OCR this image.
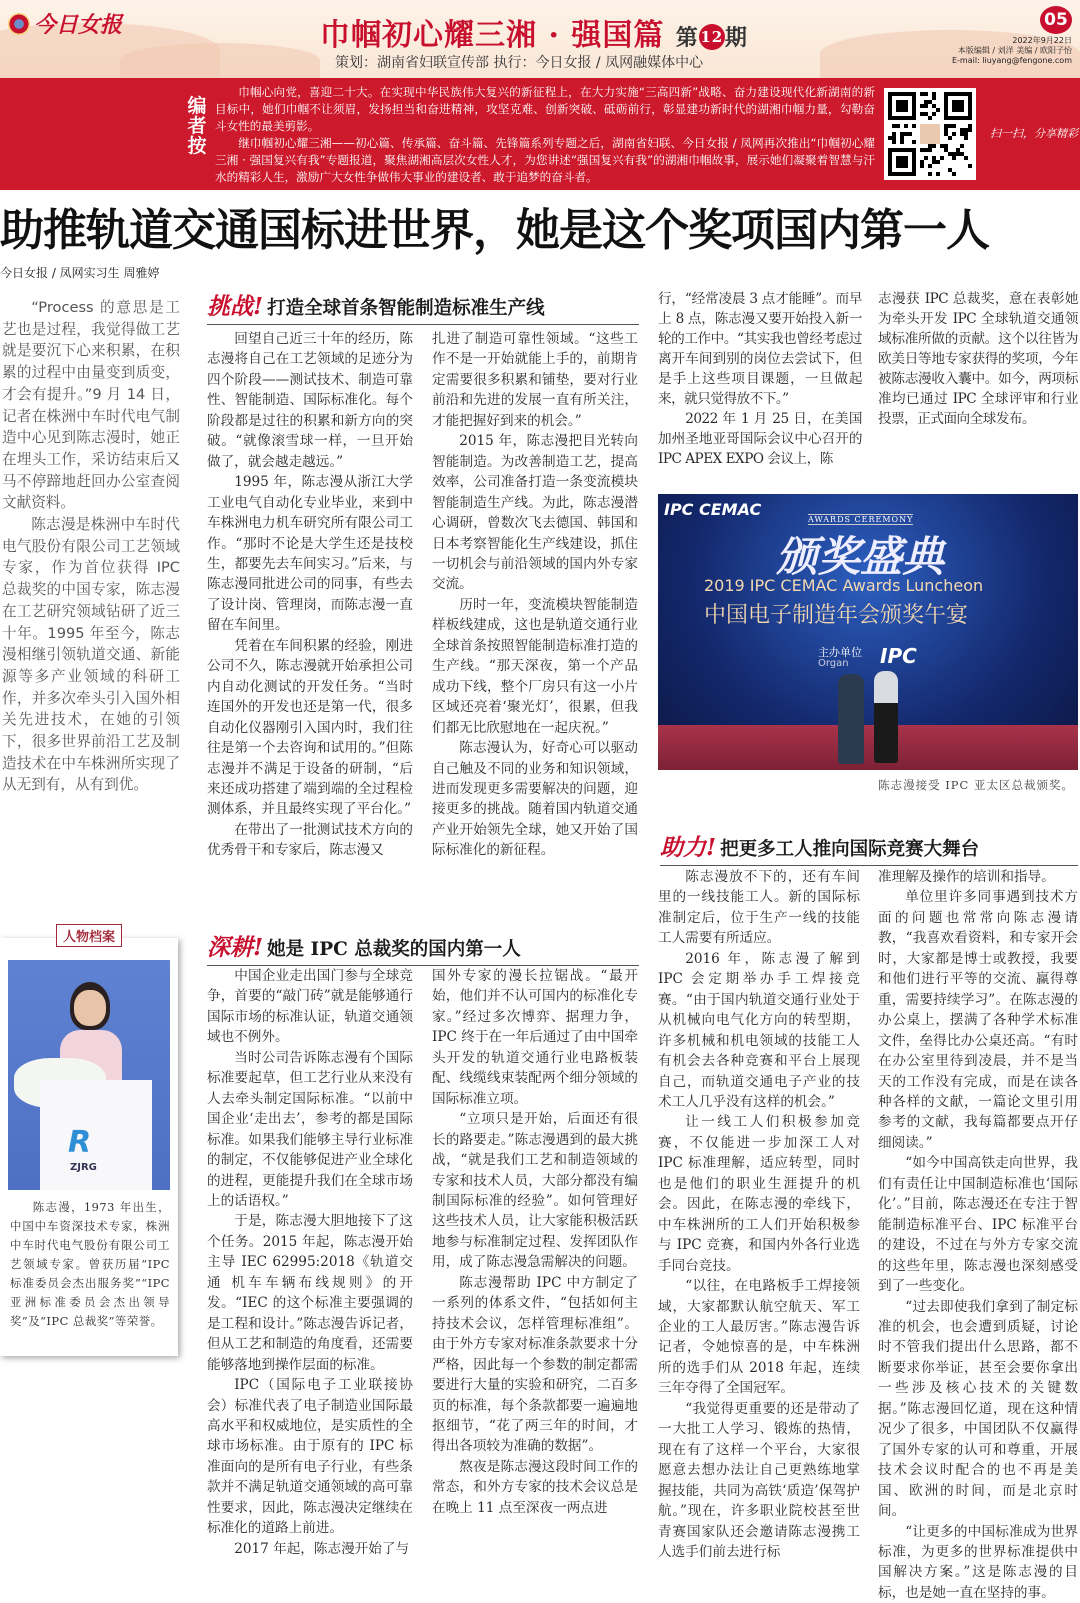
今日女报	巾帼初心耀三湘 · 强国篇 第 12期
策划：湖南省妇联宣传部 执行：今日女报 / 凤网融媒体中心
05
2022年9月22日
本版编辑 / 刘洋 美编 / 欧阳子怡
E-mail: liuyang@fengone.com
编者按

巾帼心向党，喜迎二十大。在实现中华民族伟大复兴的新征程上，在大力实施“三高四新”战略、奋力建设现代化新湖南的新目标中，她们巾帼不让须眉，发扬担当和奋进精神，攻坚克难、创新突破、砥砺前行，彰显建功新时代的湖湘巾帼力量，勾勒奋斗女性的最美剪影。

继巾帼初心耀三湘——初心篇、传承篇、奋斗篇、先锋篇系列专题之后，湖南省妇联、今日女报 / 凤网再次推出“巾帼初心耀三湘 · 强国复兴有我”专题报道，聚焦湖湘高层次女性人才，为您讲述“强国复兴有我”的湖湘巾帼故事，展示她们凝聚着智慧与汗水的精彩人生，激励广大女性争做伟大事业的建设者、敢于追梦的奋斗者。

扫一扫，分享精彩
助推轨道交通国标进世界，她是这个奖项国内第一人
今日女报 / 凤网实习生 周雅婷

“Process 的意思是工艺也是过程，我觉得做工艺就是要沉下心来积累，在积累的过程中由量变到质变，才会有提升。”9 月 14 日，记者在株洲中车时代电气制造中心见到陈志漫时，她正在埋头工作，采访结束后又马不停蹄地赶回办公室查阅文献资料。

陈志漫是株洲中车时代电气股份有限公司工艺领域专家，作为首位获得 IPC 总裁奖的中国专家，陈志漫在工艺研究领域钻研了近三十年。1995 年至今，陈志漫相继引领轨道交通、新能源等多产业领域的科研工作，并多次牵头引入国外相关先进技术，在她的引领下，很多世界前沿工艺及制造技术在中车株洲所实现了从无到有，从有到优。

挑战! 打造全球首条智能制造标准生产线

回望自己近三十年的经历，陈志漫将自己在工艺领域的足迹分为四个阶段——测试技术、制造可靠性、智能制造、国际标准化。每个阶段都是过往的积累和新方向的突破。“就像滚雪球一样，一旦开始做了，就会越走越远。”

1995 年，陈志漫从浙江大学工业电气自动化专业毕业，来到中车株洲电力机车研究所有限公司工作。“那时不论是大学生还是技校生，都要先去车间实习。”后来，与陈志漫同批进公司的同事，有些去了设计岗、管理岗，而陈志漫一直留在车间里。

凭着在车间积累的经验，刚进公司不久，陈志漫就开始承担公司内自动化测试的开发任务。“当时连国外的开发也还是第一代，很多自动化仪器刚引入国内时，我们往往是第一个去咨询和试用的。”但陈志漫并不满足于设备的研制，“后来还成功搭建了端到端的全过程检测体系，并且最终实现了平台化。”

在带出了一批测试技术方向的优秀骨干和专家后，陈志漫又

扎进了制造可靠性领域。“这些工作不是一开始就能上手的，前期肯定需要很多积累和铺垫，要对行业前沿和先进的发展一直有所关注，才能把握好到来的机会。”

2015 年，陈志漫把目光转向智能制造。为改善制造工艺，提高效率，公司准备打造一条变流模块智能制造生产线。为此，陈志漫潜心调研，曾数次飞去德国、韩国和日本考察智能化生产线建设，抓住一切机会与前沿领域的国内外专家交流。

历时一年，变流模块智能制造样板线建成，这也是轨道交通行业全球首条按照智能制造标准打造的生产线。“那天深夜，第一个产品成功下线，整个厂房只有这一小片区域还亮着‘聚光灯’，很累，但我们都无比欣慰地在一起庆祝。”

陈志漫认为，好奇心可以驱动自己触及不同的业务和知识领域，进而发现更多需要解决的问题，迎接更多的挑战。随着国内轨道交通产业开始领先全球，她又开始了国际标准化的新征程。

行，“经常凌晨 3 点才能睡”。而早上 8 点，陈志漫又要开始投入新一轮的工作中。“其实我也曾经考虑过离开车间到别的岗位去尝试下，但是手上这些项目课题，一旦做起来，就只觉得放不下。”

2022 年 1 月 25 日，在美国加州圣地亚哥国际会议中心召开的 IPC APEX EXPO 会议上，陈

志漫获 IPC 总裁奖，意在表彰她为牵头开发 IPC 全球轨道交通领域标准所做的贡献。这个以往皆为欧美日等地专家获得的奖项，今年被陈志漫收入囊中。如今，两项标准均已通过 IPC 全球评审和行业投票，正式面向全球发布。

IPC CEMAC
AWARDS CEREMONY
颁奖盛典
2019 IPC CEMAC Awards Luncheon
中国电子制造年会颁奖午宴
主办单位
Organ IPC
陈志漫接受 IPC 亚太区总裁颁奖。
助力! 把更多工人推向国际竞赛大舞台

陈志漫放不下的，还有车间里的一线技能工人。新的国际标准制定后，位于生产一线的技能工人需要有所适应。

2016 年，陈志漫了解到 IPC 会定期举办手工焊接竞赛。“由于国内轨道交通行业处于从机械向电气化方向的转型期，许多机械和机电领域的技能工人有机会去各种竞赛和平台上展现自己，而轨道交通电子产业的技术工人几乎没有这样的机会。”

让一线工人们积极参加竞赛，不仅能进一步加深工人对 IPC 标准理解，适应转型，同时也是他们的职业生涯提升的机会。因此，在陈志漫的牵线下，中车株洲所的工人们开始积极参与 IPC 竞赛，和国内外各行业选手同台竞技。

“以往，在电路板手工焊接领域，大家都默认航空航天、军工企业的工人最厉害。”陈志漫告诉记者，令她惊喜的是，中车株洲所的选手们从 2018 年起，连续三年夺得了全国冠军。

“我觉得更重要的还是带动了一大批工人学习、锻炼的热情，现在有了这样一个平台，大家很愿意去想办法让自己更熟练地掌握技能，共同为高铁‘质造’保驾护航。”现在，许多职业院校甚至世青赛国家队还会邀请陈志漫携工人选手们前去进行标

准理解及操作的培训和指导。

单位里许多同事遇到技术方面的问题也常常向陈志漫请教，“我喜欢看资料，和专家开会时，大家都是博士或教授，我要和他们进行平等的交流、赢得尊重，需要持续学习”。在陈志漫的办公桌上，摆满了各种学术标准文件，垒得比办公桌还高。“有时在办公室里待到凌晨，并不是当天的工作没有完成，而是在读各种各样的文献，一篇论文里引用参考的文献，我每篇都要点开仔细阅读。”

“如今中国高铁走向世界，我们有责任让中国制造标准也‘国际化’。”目前，陈志漫还在专注于智能制造标准平台、IPC 标准平台的建设，不过在与外方专家交流的这些年里，陈志漫也深刻感受到了一些变化。

“过去即使我们拿到了制定标准的机会，也会遭到质疑，讨论时不管我们提出什么思路，都不断要求你举证，甚至会要你拿出一些涉及核心技术的关键数据。”陈志漫回忆道，现在这种情况少了很多，中国团队不仅赢得了国外专家的认可和尊重，开展技术会议时配合的也不再是美国、欧洲的时间，而是北京时间。

“让更多的中国标准成为世界标准，为更多的世界标准提供中国解决方案。”这是陈志漫的目标，也是她一直在坚持的事。

深耕! 她是 IPC 总裁奖的国内第一人

中国企业走出国门参与全球竞争，首要的“敲门砖”就是能够通行国际市场的标准认证，轨道交通领域也不例外。

当时公司告诉陈志漫有个国际标准要起草，但工艺行业从来没有人去牵头制定国际标准。“以前中国企业‘走出去’，参考的都是国际标准。如果我们能够主导行业标准的制定，不仅能够促进产业全球化的进程，更能提升我们在全球市场上的话语权。”

于是，陈志漫大胆地接下了这个任务。2015 年起，陈志漫开始主导 IEC 62995:2018《轨道交通 机车车辆布线规则》的开发。“IEC 的这个标准主要强调的是工程和设计。”陈志漫告诉记者，但从工艺和制造的角度看，还需要能够落地到操作层面的标准。

IPC（国际电子工业联接协会）标准代表了电子制造业国际最高水平和权威地位，是实质性的全球市场标准。由于原有的 IPC 标准面向的是所有电子行业，有些条款并不满足轨道交通领域的高可靠性要求，因此，陈志漫决定继续在标准化的道路上前进。

2017 年起，陈志漫开始了与

国外专家的漫长拉锯战。“最开始，他们并不认可国内的标准化专家。”经过多次博弈、据理力争，IPC 终于在一年后通过了由中国牵头开发的轨道交通行业电路板装配、线缆线束装配两个细分领域的国际标准立项。

“立项只是开始，后面还有很长的路要走。”陈志漫遇到的最大挑战，“就是我们工艺和制造领域的专家和技术人员，大部分都没有编制国际标准的经验”。如何管理好这些技术人员，让大家能积极活跃地参与标准制定过程、发挥团队作用，成了陈志漫急需解决的问题。

陈志漫帮助 IPC 中方制定了一系列的体系文件，“包括如何主持技术会议，怎样管理标准组”。由于外方专家对标准条款要求十分严格，因此每一个参数的制定都需要进行大量的实验和研究，二百多页的标准，每个条款都要一遍遍地抠细节，“花了两三年的时间，才得出各项较为准确的数据”。

熬夜是陈志漫这段时间工作的常态，和外方专家的技术会议总是在晚上 11 点至深夜一两点进

人物档案
R
ZJRG

陈志漫，1973 年出生，中国中车资深技术专家，株洲中车时代电气股份有限公司工艺领域专家。曾获历届“IPC 标准委员会杰出服务奖”“IPC 亚洲标准委员会杰出领导奖”及“IPC 总裁奖”等荣誉。
